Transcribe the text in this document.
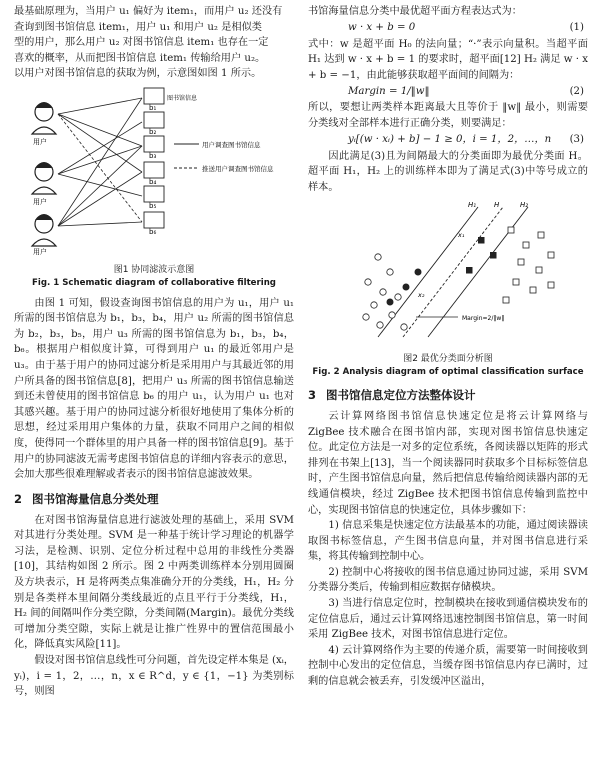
最基础原理为，当用户 u₁ 偏好为 item₁，而用户 u₂ 还没有

查询到图书馆信息 item₁，用户 u₁ 和用户 u₂ 是相似类

型的用户，那么用户 u₂ 对图书馆信息 item₁ 也存在一定

喜欢的概率，从而把图书馆信息 item₁ 传输给用户 u₂。

以用户对图书馆信息的获取为例，示意图如图 1 所示。

用户
用户
用户
图书馆信息
b₁
b₂
b₃
b₄
b₅
b₆
用户调查图书馆信息
推送用户调查图书馆信息
图1 协同滤波示意图
Fig. 1 Schematic diagram of collaborative filtering

由图 1 可知，假设查询图书馆信息的用户为 u₁，用户 u₁ 所需的图书馆信息为 b₁，b₃，b₄，用户 u₂ 所需的图书馆信息为 b₂，b₃，b₅，用户 u₃ 所需的图书馆信息为 b₁，b₃，b₄，b₆。根据用户相似度计算，可得到用户 u₁ 的最近邻用户是 u₃。由于基于用户的协同过滤分析是采用用户与其最近邻的用户所具备的图书馆信息[8]，把用户 u₃ 所需的图书馆信息输送到还未曾使用的图书馆信息 b₆ 的用户 u₁，认为用户 u₁ 也对其感兴趣。基于用户的协同过滤分析很好地使用了集体分析的思想，经过采用用户集体的力量，获取不同用户之间的相似度，使得同一个群体里的用户具备一样的图书馆信息[9]。基于用户的协同滤波无需考虑图书馆信息的详细内容表示的意思，会加大那些很难理解或者表示的图书馆信息滤波效果。

2 图书馆海量信息分类处理

在对图书馆海量信息进行滤波处理的基础上，采用 SVM 对其进行分类处理。SVM 是一种基于统计学习理论的机器学习法，是检测、识别、定位分析过程中总用的非线性分类器[10]，其结构如图 2 所示。图 2 中两类训练样本分别用圆圈及方块表示，H 是将两类点集准确分开的分类线，H₁，H₂ 分别是各类样本里间隔分类线最近的点且平行于分类线，H₁，H₂ 间的间隔叫作分类空隙，分类间隔(Margin)。最优分类线可增加分类空隙，实际上就是让推广性界中的置信范围最小化，降低真实风险[11]。

假设对图书馆信息线性可分问题，首先设定样本集是 (xᵢ，yᵢ)，i = 1，2，…，n，x ∈ R^d，y ∈ {1，−1} 为类别标号，则图

书馆海量信息分类中最优超平面方程表达式为：

w · x + b = 0	(1)

式中：w 是超平面 H₀ 的法向量；“·”表示向量积。当超平面 H₁ 达到 w · x + b = 1 的要求时，超平面[12] H₂ 满足 w · x + b = −1，由此能够获取超平面间的间隔为：

Margin = 1/‖w‖	(2)

所以，要想让两类样本距离最大且等价于 ‖w‖ 最小，则需要分类线对全部样本进行正确分类，则要满足：

yᵢ[(w · xᵢ) + b] − 1 ≥ 0，i = 1，2，…，n (3)

因此满足(3)且为间隔最大的分类面即为最优分类面 H。超平面 H₁，H₂ 上的训练样本即为了满足式(3)中等号成立的样本。

H₁	H	H₂
x₁
x₂
Margin=2/‖w‖
图2 最优分类面分析图
Fig. 2 Analysis diagram of optimal classification surface
3 图书馆信息定位方法整体设计

云计算网络图书馆信息快速定位是将云计算网络与 ZigBee 技术融合在图书馆内部，实现对图书馆信息快速定位。此定位方法是一对多的定位系统，各阅读器以矩阵的形式排列在书架上[13]，当一个阅读器同时获取多个目标标签信息时，产生图书馆信息向量，然后把信息传输给阅读器内部的无线通信模块，经过 ZigBee 技术把图书馆信息传输到监控中心，实现图书馆信息的快速定位，具体步骤如下：

1) 信息采集是快速定位方法最基本的功能，通过阅读器读取图书标签信息，产生图书信息向量，并对图书信息进行采集，将其传输到控制中心。

2) 控制中心将接收的图书信息通过协同过滤，采用 SVM 分类器分类后，传输到相应数据存储模块。

3) 当进行信息定位时，控制模块在接收到通信模块发布的定位信息后，通过云计算网络迅速控制图书馆信息，第一时间采用 ZigBee 技术，对图书馆信息进行定位。

4) 云计算网络作为主要的传递介质，需要第一时间接收到控制中心发出的定位信息，当缓存图书馆信息内存已满时，过剩的信息就会被丢弃，引发缓冲区溢出，
